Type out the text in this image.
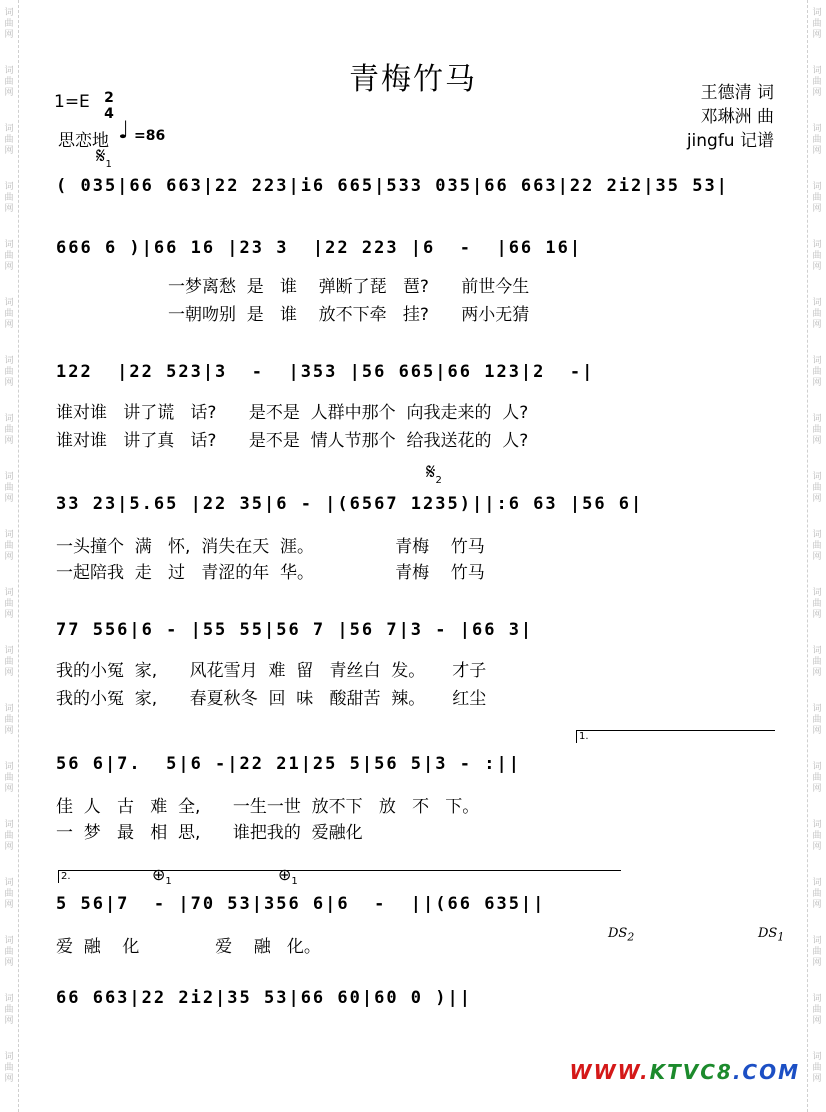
词
曲
网
词
曲
网
词
曲
网
词
曲
网
词
曲
网
词
曲
网
词
曲
网
词
曲
网
词
曲
网
词
曲
网
词
曲
网
词
曲
网
词
曲
网
词
曲
网
词
曲
网
词
曲
网
词
曲
网
词
曲
网
词
曲
网
词
曲
网
词
曲
网
词
曲
网
词
曲
网
词
曲
网
词
曲
网
词
曲
网
词
曲
网
词
曲
网
词
曲
网
词
曲
网
词
曲
网
词
曲
网
词
曲
网
词
曲
网
词
曲
网
词
曲
网
词
曲
网
词
曲
网
青梅竹马	王德清 词
邓琳洲 曲
jingfu 记谱
1=E 2
4
思恋地 ♩ =86
$𝄋_1$
( 035|66 663|22 223|i6 665|533 035|66 663|22 2i2|35 53|
666 6 )|66 16 |23 3  |22 223 |6  -  |66 16|
一梦离愁  是   谁    弹断了琵   琶?      前世今生
一朝吻别  是   谁    放不下牵   挂?      两小无猜
122  |22 523|3  -  |353 |56 665|66 123|2  -|
谁对谁   讲了谎   话?      是不是  人群中那个  向我走来的  人?
谁对谁   讲了真   话?      是不是  情人节那个  给我送花的  人?
$𝄋_2$
33 23|5.65 |22 35|6 - |(6567 1235)||:6 63 |56 6|
一头撞个  满   怀,  消失在天  涯。               青梅    竹马
一起陪我  走   过   青涩的年  华。               青梅    竹马
77 556|6 - |55 55|56 7 |56 7|3 - |66 3|
我的小冤  家,      风花雪月  难  留   青丝白  发。     才子
我的小冤  家,      春夏秋冬  回  味   酸甜苦  辣。     红尘
1.
56 6|7.  5|6 -|22 21|25 5|56 5|3 - :||
佳  人   古   难  全,      一生一世  放不下   放   不   下。
一  梦   最   相  思,      谁把我的  爱融化
2.	$\oplus_1$	$\oplus_1$
5 56|7  - |70 53|356 6|6  -  ||(66 635||
爱  融    化              爱    融   化。
$DS_2$	$DS_1$
66 663|22 2i2|35 53|66 60|60 0 )||
WWW.KTVC8.COM
